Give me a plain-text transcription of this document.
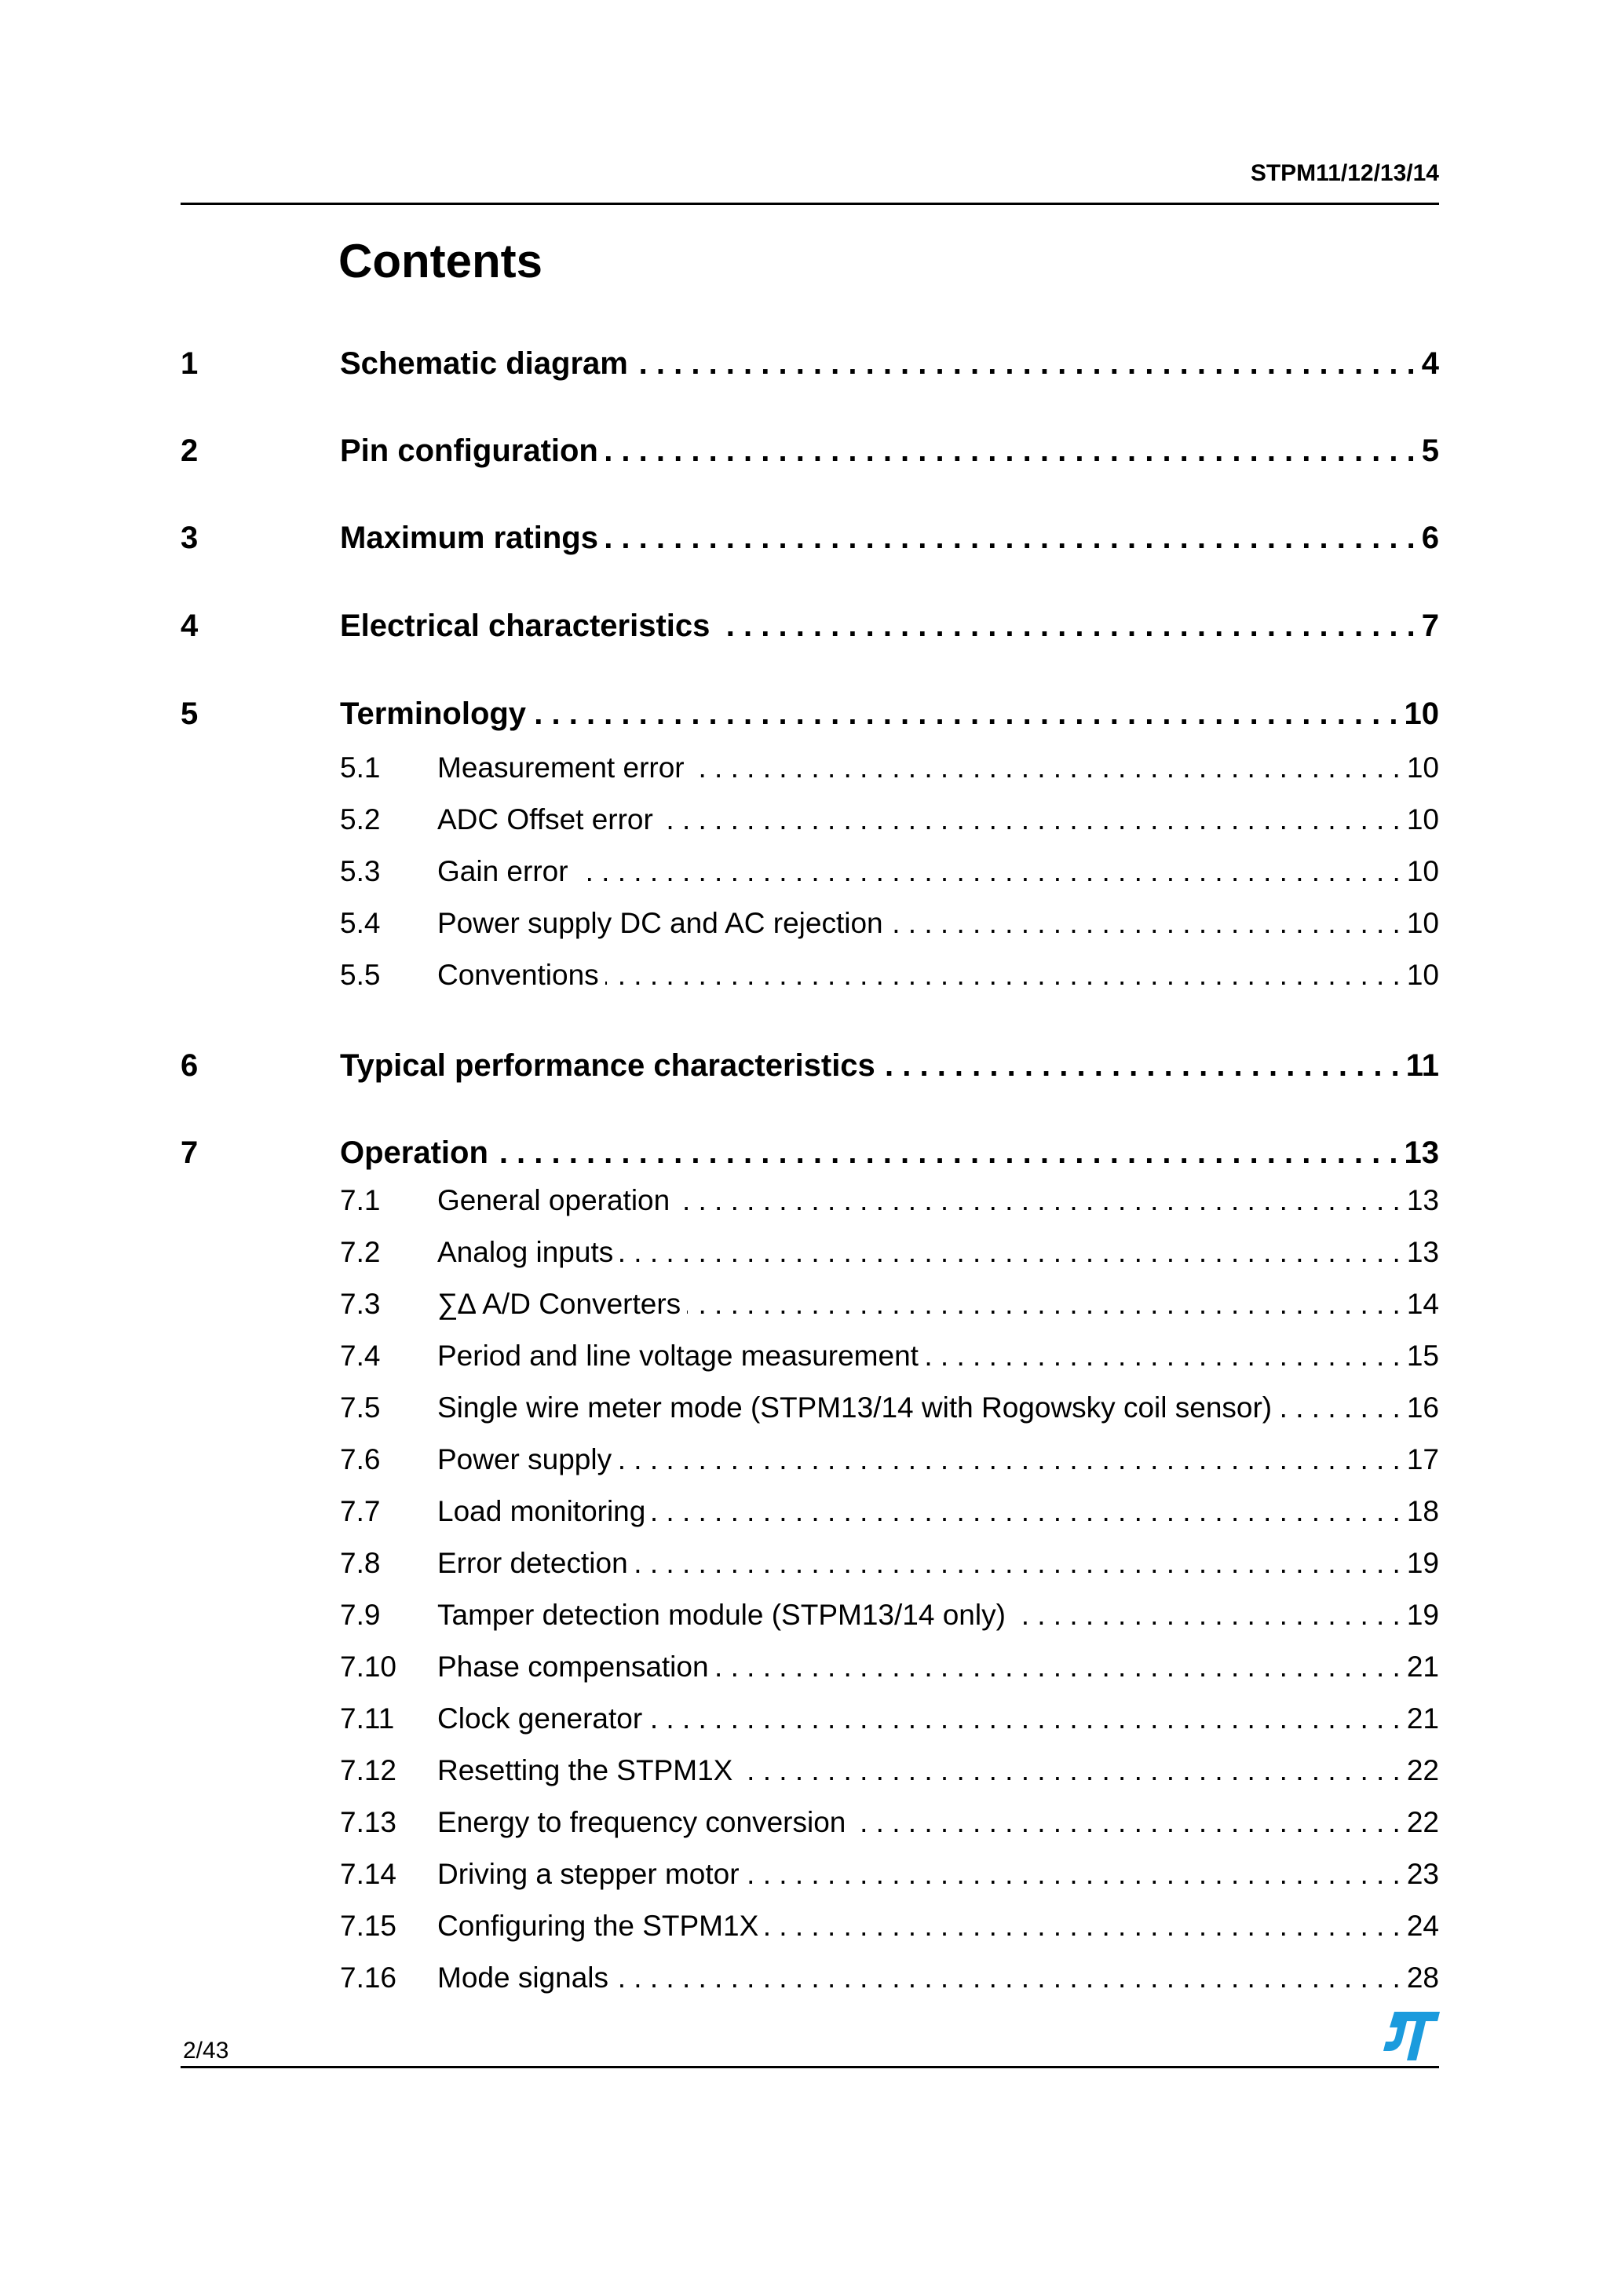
STPM11/12/13/14
Contents
1	Schematic diagram . . .	4
2	Pin configuration . . .	5
3	Maximum ratings . . .	6
4	Electrical characteristics . . .	7
5	Terminology . . .	10
5.1	Measurement error . . .	10
5.2	ADC Offset error . . .	10
5.3	Gain error . . .	10
5.4	Power supply DC and AC rejection . . .	10
5.5	Conventions . . .	10
6	Typical performance characteristics . . .	11
7	Operation . . .	13
7.1	General operation . . .	13
7.2	Analog inputs . . .	13
7.3	∑∆ A/D Converters . . .	14
7.4	Period and line voltage measurement . . .	15
7.5	Single wire meter mode (STPM13/14 with Rogowsky coil sensor) . . .	16
7.6	Power supply . . .	17
7.7	Load monitoring . . .	18
7.8	Error detection . . .	19
7.9	Tamper detection module (STPM13/14 only) . . .	19
7.10	Phase compensation . . .	21
7.11	Clock generator . . .	21
7.12	Resetting the STPM1X . . .	22
7.13	Energy to frequency conversion . . .	22
7.14	Driving a stepper motor . . .	23
7.15	Configuring the STPM1X . . .	24
7.16	Mode signals . . .	28
2/43
